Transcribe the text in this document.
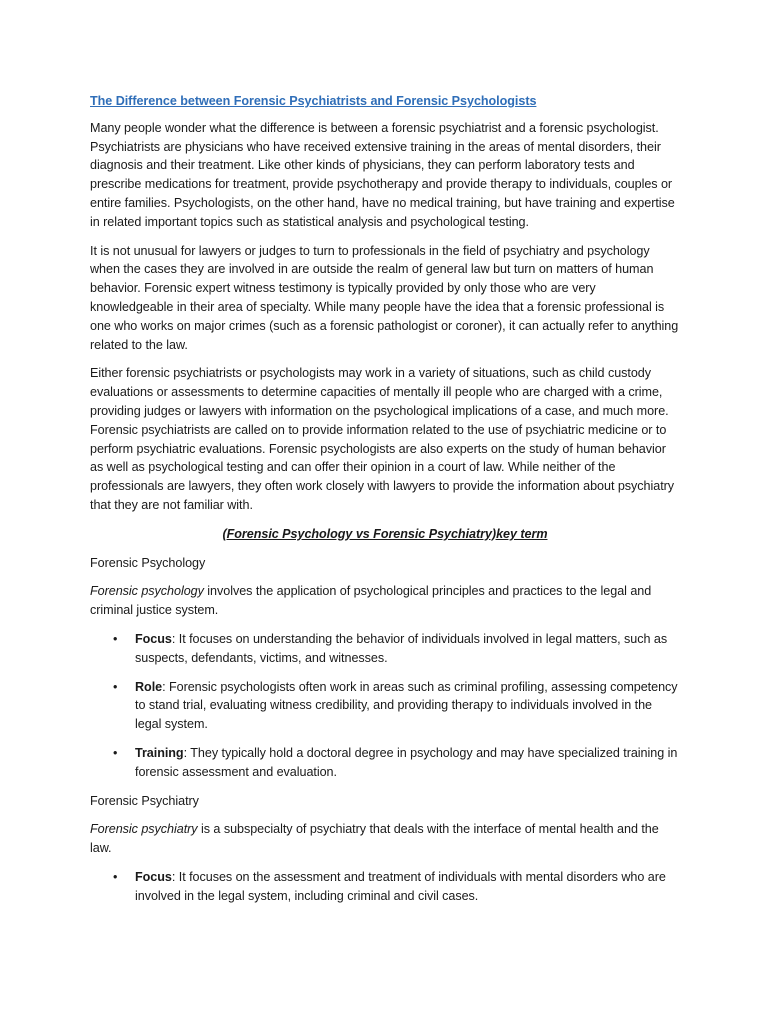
The Difference between Forensic Psychiatrists and Forensic Psychologists

Many people wonder what the difference is between a forensic psychiatrist and a forensic psychologist. Psychiatrists are physicians who have received extensive training in the areas of mental disorders, their diagnosis and their treatment. Like other kinds of physicians, they can perform laboratory tests and prescribe medications for treatment, provide psychotherapy and provide therapy to individuals, couples or entire families. Psychologists, on the other hand, have no medical training, but have training and expertise in related important topics such as statistical analysis and psychological testing.

It is not unusual for lawyers or judges to turn to professionals in the field of psychiatry and psychology when the cases they are involved in are outside the realm of general law but turn on matters of human behavior. Forensic expert witness testimony is typically provided by only those who are very knowledgeable in their area of specialty. While many people have the idea that a forensic professional is one who works on major crimes (such as a forensic pathologist or coroner), it can actually refer to anything related to the law.

Either forensic psychiatrists or psychologists may work in a variety of situations, such as child custody evaluations or assessments to determine capacities of mentally ill people who are charged with a crime, providing judges or lawyers with information on the psychological implications of a case, and much more. Forensic psychiatrists are called on to provide information related to the use of psychiatric medicine or to perform psychiatric evaluations. Forensic psychologists are also experts on the study of human behavior as well as psychological testing and can offer their opinion in a court of law. While neither of the professionals are lawyers, they often work closely with lawyers to provide the information about psychiatry that they are not familiar with.

(Forensic Psychology vs Forensic Psychiatry)key term

Forensic Psychology

Forensic psychology involves the application of psychological principles and practices to the legal and criminal justice system.

• Focus: It focuses on understanding the behavior of individuals involved in legal matters, such as suspects, defendants, victims, and witnesses.
• Role: Forensic psychologists often work in areas such as criminal profiling, assessing competency to stand trial, evaluating witness credibility, and providing therapy to individuals involved in the legal system.
• Training: They typically hold a doctoral degree in psychology and may have specialized training in forensic assessment and evaluation.

Forensic Psychiatry

Forensic psychiatry is a subspecialty of psychiatry that deals with the interface of mental health and the law.

• Focus: It focuses on the assessment and treatment of individuals with mental disorders who are involved in the legal system, including criminal and civil cases.
